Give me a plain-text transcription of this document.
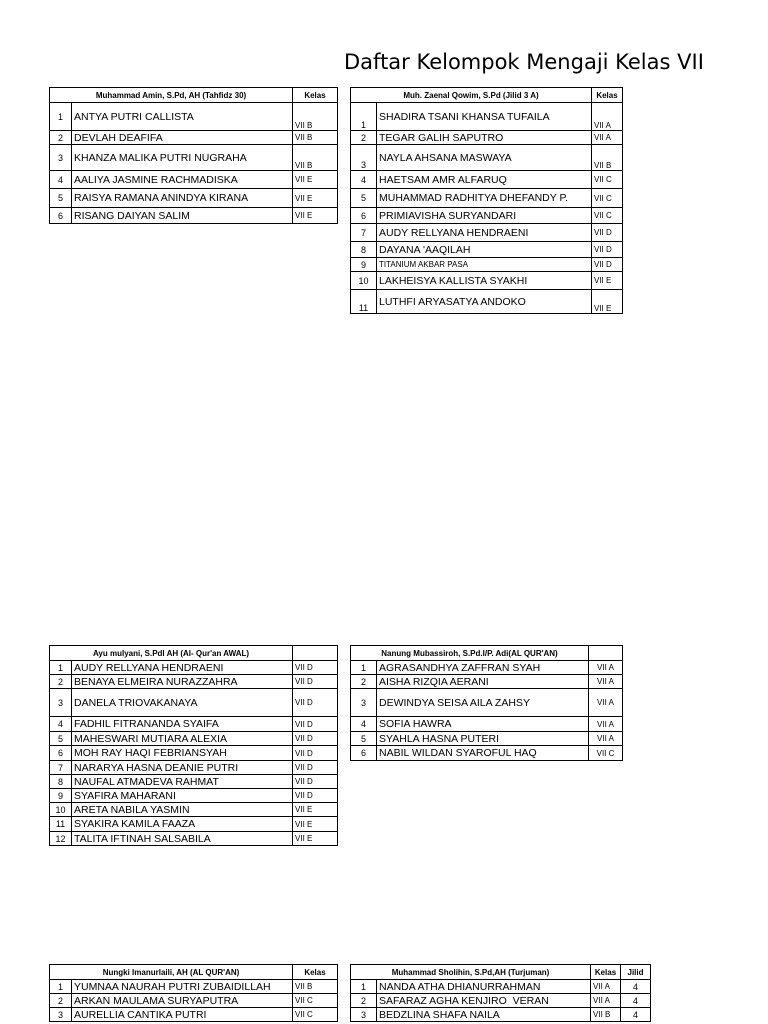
Daftar Kelompok Mengaji Kelas VII
Muhammad Amin, S.Pd, AH (Tahfidz 30)		Kelas
1	ANTYA PUTRI CALLISTA	VII B
2	DEVLAH DEAFIFA	VII B
3	KHANZA MALIKA PUTRI NUGRAHA	VII B
4	AALIYA JASMINE RACHMADISKA	VII E
5	RAISYA RAMANA ANINDYA KIRANA	VII E
6	RISANG DAIYAN SALIM	VII E
Muh. Zaenal Qowim, S.Pd (Jilid 3 A)		Kelas
1	SHADIRA TSANI KHANSA TUFAILA	VII A
2	TEGAR GALIH SAPUTRO	VII A
3	NAYLA AHSANA MASWAYA	VII B
4	HAETSAM AMR ALFARUQ	VII C
5	MUHAMMAD RADHITYA DHEFANDY P.	VII C
6	PRIMIAVISHA SURYANDARI	VII C
7	AUDY RELLYANA HENDRAENI	VII D
8	DAYANA 'AAQILAH	VII D
9	TITANIUM AKBAR PASA	VII D
10	LAKHEISYA KALLISTA SYAKHI	VII E
11	LUTHFI ARYASATYA ANDOKO	VII E
Ayu mulyani, S.PdI AH (Al- Qur'an AWAL)		
1	AUDY RELLYANA HENDRAENI	VII D
2	BENAYA ELMEIRA NURAZZAHRA	VII D
3	DANELA TRIOVAKANAYA	VII D
4	FADHIL FITRANANDA SYAIFA	VII D
5	MAHESWARI MUTIARA ALEXIA	VII D
6	MOH RAY HAQI FEBRIANSYAH	VII D
7	NARARYA HASNA DEANIE PUTRI	VII D
8	NAUFAL ATMADEVA RAHMAT	VII D
9	SYAFIRA MAHARANI	VII D
10	ARETA NABILA YASMIN	VII E
11	SYAKIRA KAMILA FAAZA	VII E
12	TALITA IFTINAH SALSABILA	VII E
Nanung Mubassiroh, S.Pd.I/P. Adi(AL QUR'AN)		
1	AGRASANDHYA ZAFFRAN SYAH	VII A
2	AISHA RIZQIA AERANI	VII A
3	DEWINDYA SEISA AILA ZAHSY	VII A
4	SOFIA HAWRA	VII A
5	SYAHLA HASNA PUTERI	VII A
6	NABIL WILDAN SYAROFUL HAQ	VII C
Nungki Imanurlaili, AH (AL QUR'AN)		Kelas
1	YUMNAA NAURAH PUTRI ZUBAIDILLAH	VII B
2	ARKAN MAULAMA SURYAPUTRA	VII C
3	AURELLIA CANTIKA PUTRI	VII C
Muhammad Sholihin, S.Pd,AH (Turjuman)		Kelas	Jilid
1	NANDA ATHA DHIANURRAHMAN	VII A	4
2	SAFARAZ AGHA KENJIRO  VERAN	VII A	4
3	BEDZLINA SHAFA NAILA	VII B	4
